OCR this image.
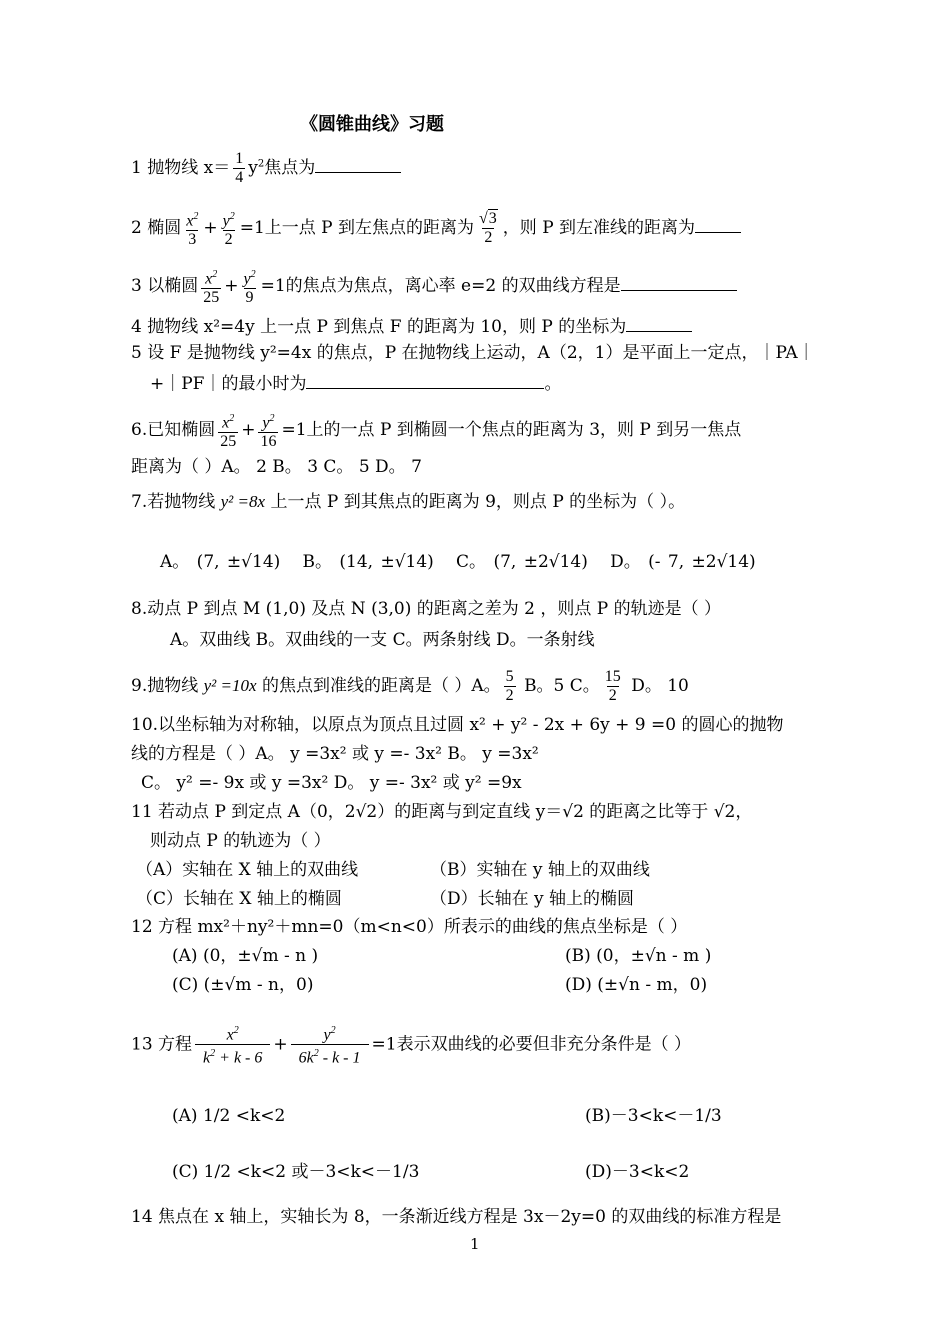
《圆锥曲线》习题
1 抛物线 $x= \frac{1}{4} y^2$焦点为
2 椭圆 $\frac{x^2}{3} + \frac{y^2}{2} =1$上一点 P 到左焦点的距离为 $\frac{√3}{2}$ ，则 P 到左准线的距离为
3 以椭圆 $\frac{x^2}{25} + \frac{y^2}{9} =1$的焦点为焦点，离心率 e=2 的双曲线方程是
4 抛物线 x²=4y 上一点 P 到焦点 F 的距离为 10，则 P 的坐标为
5 设 F 是抛物线 y²=4x 的焦点，P 在抛物线上运动，A（2，1）是平面上一定点，｜PA｜
+｜PF｜的最小时为	。
6.已知椭圆 $\frac{x^2}{25} + \frac{y^2}{16} =1$上的一点 P 到椭圆一个焦点的距离为 3，则 P 到另一焦点
距离为（ ）A。 2 B。 3 C。 5 D。 7
7.若抛物线 y² =8x 上一点 P 到其焦点的距离为 9，则点 P 的坐标为（ ）。
A。 (7, ±√14) B。 (14, ±√14) C。 (7, ±2√14) D。 (- 7, ±2√14)
8.动点 P 到点 M (1,0) 及点 N (3,0) 的距离之差为 2 ，则点 P 的轨迹是（ ）
A。双曲线 B。双曲线的一支 C。两条射线 D。一条射线
9.抛物线 y² =10x 的焦点到准线的距离是（ ）A。 $\frac{5}{2}$ B。5 C。 $\frac{15}{2}$ D。 10
10.以坐标轴为对称轴，以原点为顶点且过圆 x² + y² - 2x + 6y + 9 =0 的圆心的抛物
线的方程是（ ）A。 y =3x² 或 y =- 3x² B。 y =3x²
C。 y² =- 9x 或 y =3x² D。 y =- 3x² 或 y² =9x
11 若动点 P 到定点 A（0，2√2）的距离与到定直线 y＝√2 的距离之比等于 √2，
则动点 P 的轨迹为（ ）
（A）实轴在 X 轴上的双曲线	（B）实轴在 y 轴上的双曲线
（C）长轴在 X 轴上的椭圆	（D）长轴在 y 轴上的椭圆
12 方程 mx²＋ny²＋mn=0（m<n<0）所表示的曲线的焦点坐标是（ ）
(A) (0，±√m - n )	(B) (0，±√n - m )
(C) (±√m - n，0)	(D) (±√n - m，0)
13 方程 $\frac{x^2}{k^2 + k - 6} + \frac{y^2}{6k^2 - k - 1} =1$表示双曲线的必要但非充分条件是（ ）
(A) 1/2 <k<2	(B)－3<k<－1/3
(C) 1/2 <k<2 或－3<k<－1/3	(D)－3<k<2
14 焦点在 x 轴上，实轴长为 8，一条渐近线方程是 3x－2y=0 的双曲线的标准方程是
1
